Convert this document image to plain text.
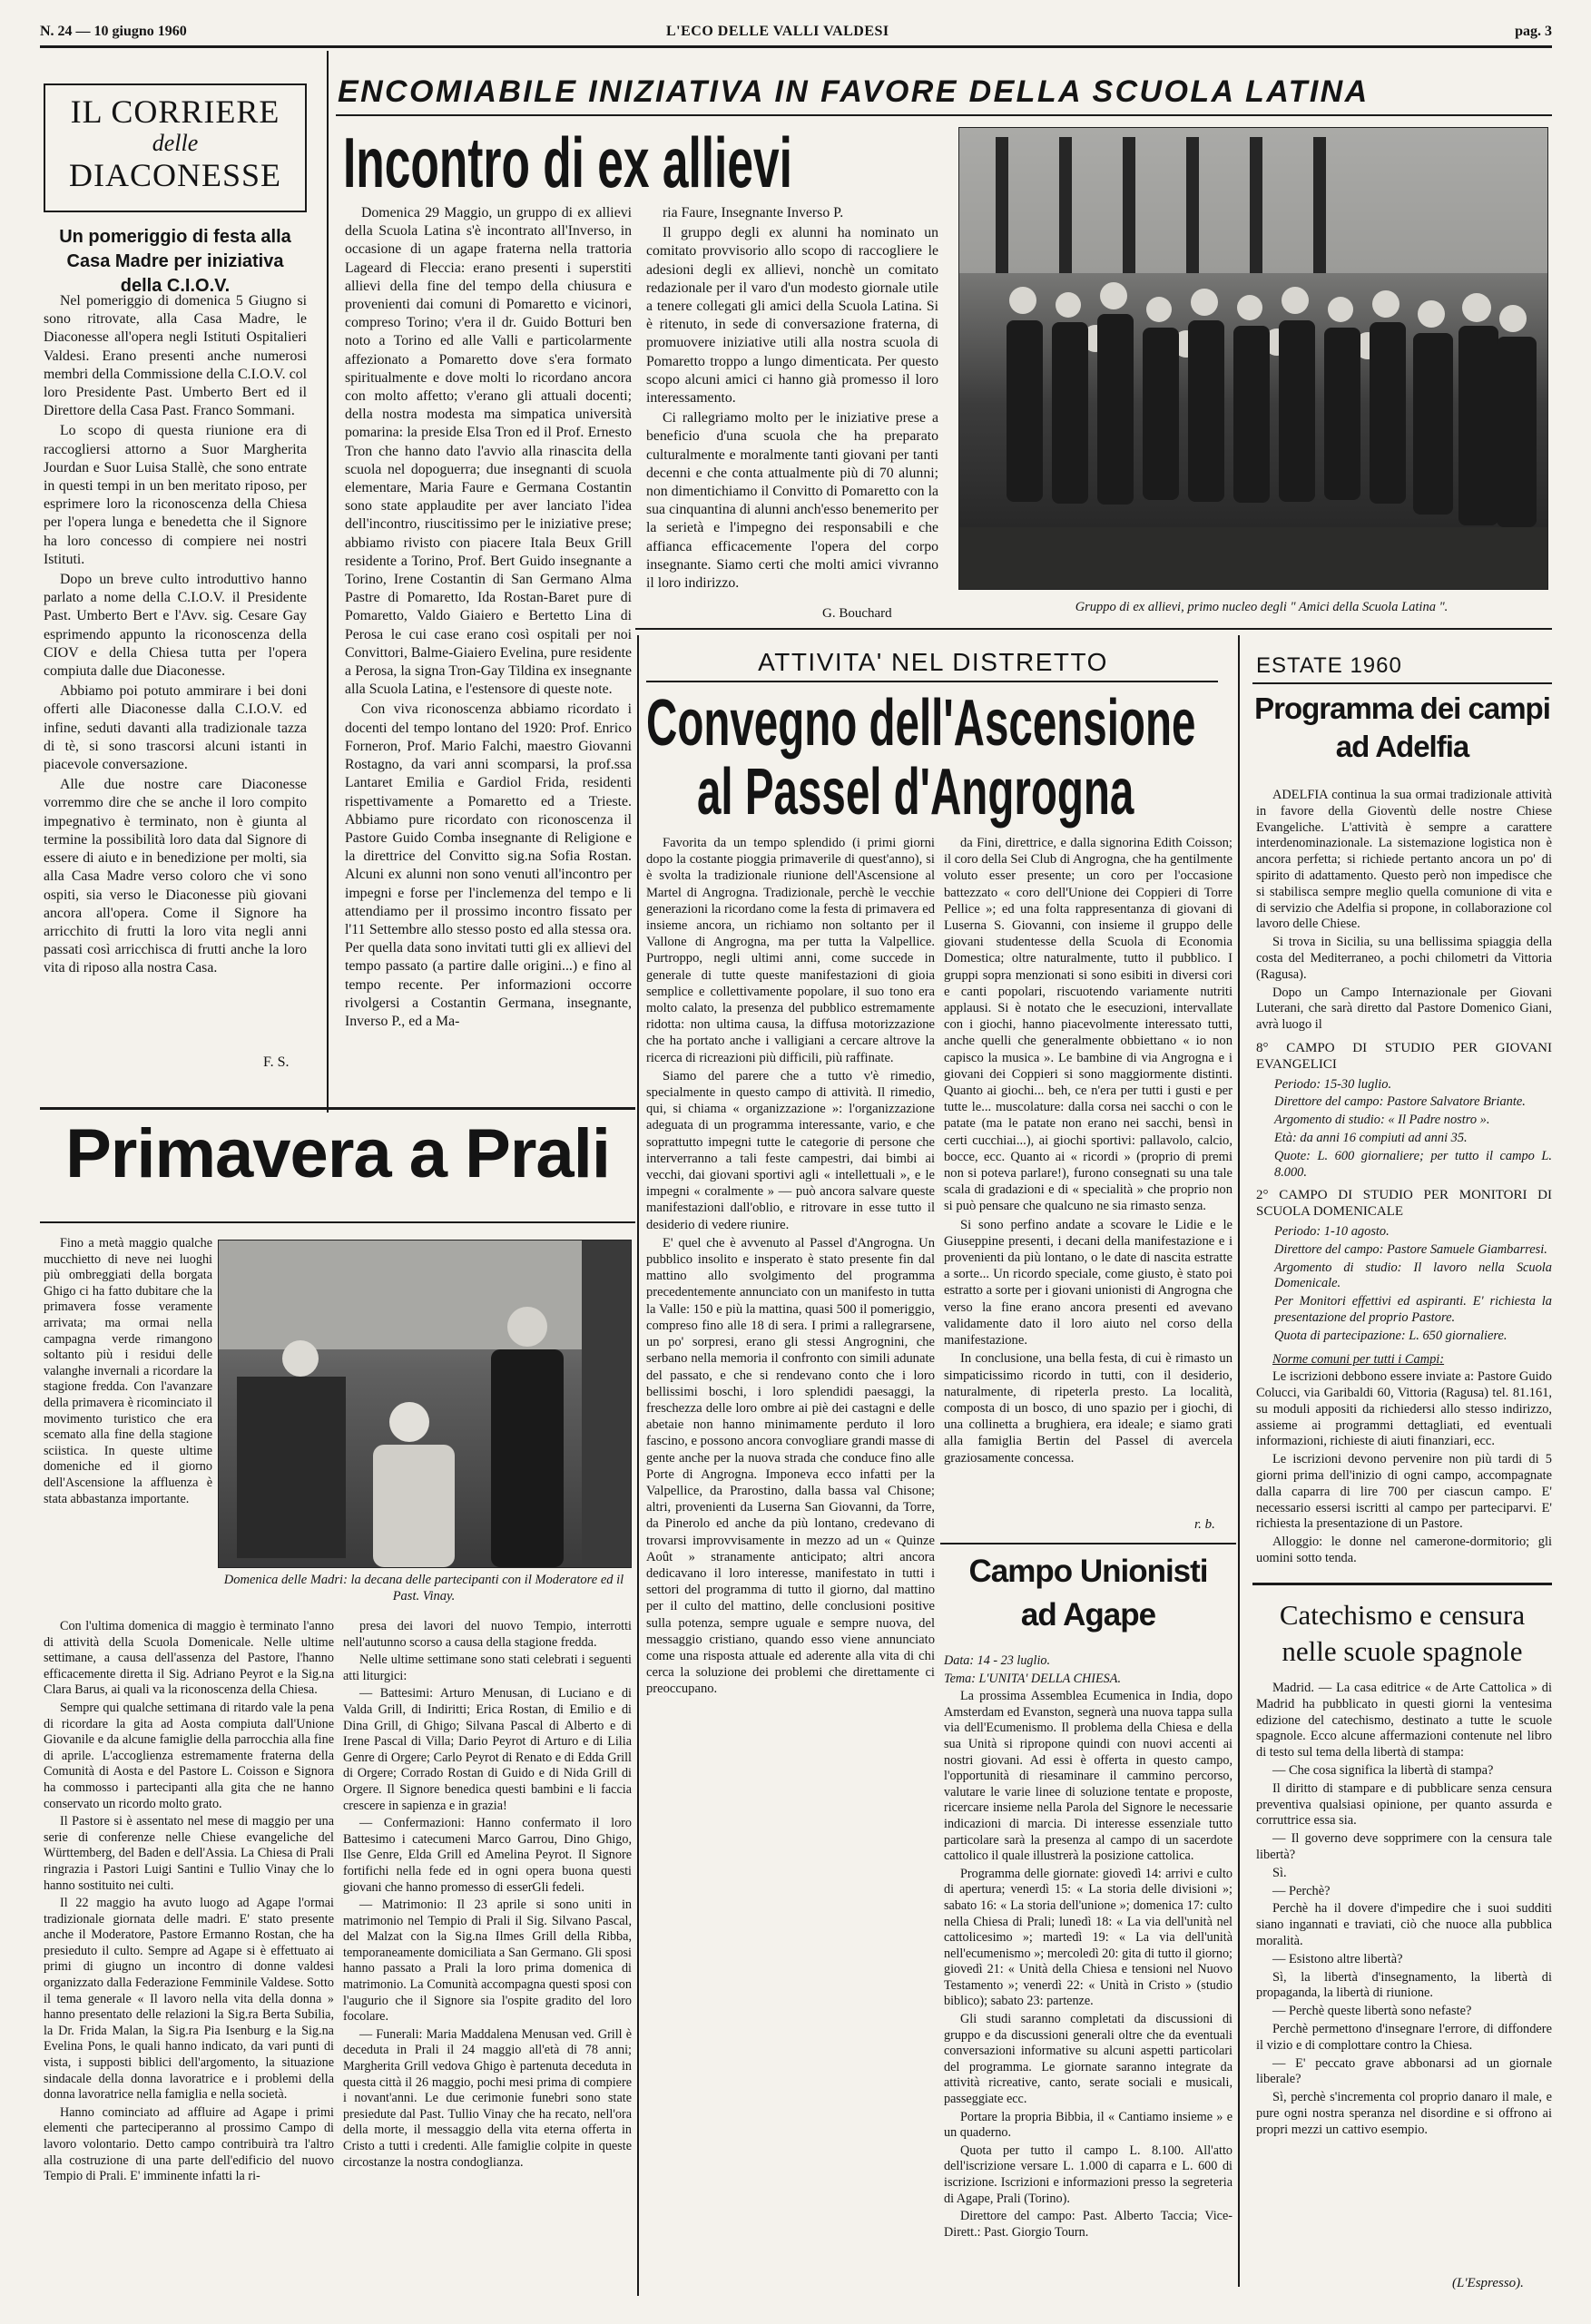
N. 24 — 10 giugno 1960	L'ECO DELLE VALLI VALDESI	pag. 3
IL CORRIERE
delle
DIACONESSE
Un pomeriggio di festa alla Casa Madre per iniziativa della C.I.O.V.

Nel pomeriggio di domenica 5 Giugno si sono ritrovate, alla Casa Madre, le Diaconesse all'opera negli Istituti Ospitalieri Valdesi. Erano presenti anche numerosi membri della Commissione della C.I.O.V. col loro Presidente Past. Umberto Bert ed il Direttore della Casa Past. Franco Sommani.

Lo scopo di questa riunione era di raccogliersi attorno a Suor Margherita Jourdan e Suor Luisa Stallè, che sono entrate in questi tempi in un ben meritato riposo, per esprimere loro la riconoscenza della Chiesa per l'opera lunga e benedetta che il Signore ha loro concesso di compiere nei nostri Istituti.

Dopo un breve culto introduttivo hanno parlato a nome della C.I.O.V. il Presidente Past. Umberto Bert e l'Avv. sig. Cesare Gay esprimendo appunto la riconoscenza della CIOV e della Chiesa tutta per l'opera compiuta dalle due Diaconesse.

Abbiamo poi potuto ammirare i bei doni offerti alle Diaconesse dalla C.I.O.V. ed infine, seduti davanti alla tradizionale tazza di tè, si sono trascorsi alcuni istanti in piacevole conversazione.

Alle due nostre care Diaconesse vorremmo dire che se anche il loro compito impegnativo è terminato, non è giunta al termine la possibilità loro data dal Signore di essere di aiuto e in benedizione per molti, sia alla Casa Madre verso coloro che vi sono ospiti, sia verso le Diaconesse più giovani ancora all'opera. Come il Signore ha arricchito di frutti la loro vita negli anni passati così arricchisca di frutti anche la loro vita di riposo alla nostra Casa.

F. S.
ENCOMIABILE INIZIATIVA IN FAVORE DELLA SCUOLA LATINA
Incontro di ex allievi

Domenica 29 Maggio, un gruppo di ex allievi della Scuola Latina s'è incontrato all'Inverso, in occasione di un agape fraterna nella trattoria Lageard di Fleccia: erano presenti i superstiti allievi della fine del tempo della chiusura e provenienti dai comuni di Pomaretto e vicinori, compreso Torino; v'era il dr. Guido Botturi ben noto a Torino ed alle Valli e particolarmente affezionato a Pomaretto dove s'era formato spiritualmente e dove molti lo ricordano ancora con molto affetto; v'erano gli attuali docenti; della nostra modesta ma simpatica università pomarina: la preside Elsa Tron ed il Prof. Ernesto Tron che hanno dato l'avvio alla rinascita della scuola nel dopoguerra; due insegnanti di scuola elementare, Maria Faure e Germana Costantin sono state applaudite per aver lanciato l'idea dell'incontro, riuscitissimo per le iniziative prese; abbiamo rivisto con piacere Itala Beux Grill residente a Torino, Prof. Bert Guido insegnante a Torino, Irene Costantin di San Germano Alma Pastre di Pomaretto, Ida Rostan-Baret pure di Pomaretto, Valdo Giaiero e Bertetto Lina di Perosa le cui case erano così ospitali per noi Convittori, Balme-Giaiero Evelina, pure residente a Perosa, la signa Tron-Gay Tildina ex insegnante alla Scuola Latina, e l'estensore di queste note.

Con viva riconoscenza abbiamo ricordato i docenti del tempo lontano del 1920: Prof. Enrico Forneron, Prof. Mario Falchi, maestro Giovanni Rostagno, da vari anni scomparsi, la prof.ssa Lantaret Emilia e Gardiol Frida, residenti rispettivamente a Pomaretto ed a Trieste. Abbiamo pure ricordato con riconoscenza il Pastore Guido Comba insegnante di Religione e la direttrice del Convitto sig.na Sofia Rostan. Alcuni ex alunni non sono venuti all'incontro per impegni e forse per l'inclemenza del tempo e li attendiamo per il prossimo incontro fissato per l'11 Settembre allo stesso posto ed alla stessa ora. Per quella data sono invitati tutti gli ex allievi del tempo passato (a partire dalle origini...) e fino al tempo recente. Per informazioni occorre rivolgersi a Costantin Germana, insegnante, Inverso P., ed a Ma-

ria Faure, Insegnante Inverso P.

Il gruppo degli ex alunni ha nominato un comitato provvisorio allo scopo di raccogliere le adesioni degli ex allievi, nonchè un comitato redazionale per il varo d'un modesto giornale utile a tenere collegati gli amici della Scuola Latina. Si è ritenuto, in sede di conversazione fraterna, di promuovere iniziative utili alla nostra scuola di Pomaretto troppo a lungo dimenticata. Per questo scopo alcuni amici ci hanno già promesso il loro interessamento.

Ci rallegriamo molto per le iniziative prese a beneficio d'una scuola che ha preparato culturalmente e moralmente tanti giovani per tanti decenni e che conta attualmente più di 70 alunni; non dimentichiamo il Convitto di Pomaretto con la sua cinquantina di alunni anch'esso benemerito per la serietà e l'impegno dei responsabili e che affianca efficacemente l'opera del corpo insegnante. Siamo certi che molti amici vivranno il loro indirizzo.

G. Bouchard	Gruppo di ex allievi, primo nucleo degli " Amici della Scuola Latina ".
ATTIVITA' NEL DISTRETTO
Convegno dell'Ascensione
al Passel d'Angrogna

Favorita da un tempo splendido (i primi giorni dopo la costante pioggia primaverile di quest'anno), si è svolta la tradizionale riunione dell'Ascensione al Martel di Angrogna. Tradizionale, perchè le vecchie generazioni la ricordano come la festa di primavera ed insieme ancora, un richiamo non soltanto per il Vallone di Angrogna, ma per tutta la Valpellice. Purtroppo, negli ultimi anni, come succede in generale di tutte queste manifestazioni di gioia semplice e collettivamente popolare, il suo tono era molto calato, la presenza del pubblico estremamente ridotta: non ultima causa, la diffusa motorizzazione che ha portato anche i valligiani a cercare altrove la ricerca di ricreazioni più difficili, più raffinate.

Siamo del parere che a tutto v'è rimedio, specialmente in questo campo di attività. Il rimedio, qui, si chiama « organizzazione »: l'organizzazione adeguata di un programma interessante, vario, e che soprattutto impegni tutte le categorie di persone che interverranno a tali feste campestri, dai bimbi ai vecchi, dai giovani sportivi agli « intellettuali », e le impegni « coralmente » — può ancora salvare queste manifestazioni dall'oblio, e ritrovare in esse tutto il desiderio di vedere riunire.

E' quel che è avvenuto al Passel d'Angrogna. Un pubblico insolito e insperato è stato presente fin dal mattino allo svolgimento del programma precedentemente annunciato con un manifesto in tutta la Valle: 150 e più la mattina, quasi 500 il pomeriggio, compreso fino alle 18 di sera. I primi a rallegrarsene, un po' sorpresi, erano gli stessi Angrognini, che serbano nella memoria il confronto con simili adunate del passato, e che si rendevano conto che i loro bellissimi boschi, i loro splendidi paesaggi, la freschezza delle loro ombre ai piè dei castagni e delle abetaie non hanno minimamente perduto il loro fascino, e possono ancora convogliare grandi masse di gente anche per la nuova strada che conduce fino alle Porte di Angrogna. Imponeva ecco infatti per la Valpellice, da Prarostino, dalla bassa val Chisone; altri, provenienti da Luserna San Giovanni, da Torre, da Pinerolo ed anche da più lontano, credevano di trovarsi improvvisamente in mezzo ad un « Quinze Août » stranamente anticipato; altri ancora dedicavano il loro interesse, manifestato in tutti i settori del programma di tutto il giorno, dal mattino per il culto del mattino, delle conclusioni positive sulla potenza, sempre uguale e sempre nuova, del messaggio cristiano, quando esso viene annunciato come una risposta attuale ed aderente alla vita di chi cerca la soluzione dei problemi che direttamente ci preoccupano.

da Fini, direttrice, e dalla signorina Edith Coisson; il coro della Sei Club di Angrogna, che ha gentilmente voluto esser presente; un coro per l'occasione battezzato « coro dell'Unione dei Coppieri di Torre Pellice »; ed una folta rappresentanza di giovani di Luserna S. Giovanni, con insieme il gruppo delle giovani studentesse della Scuola di Economia Domestica; oltre naturalmente, tutto il pubblico. I gruppi sopra menzionati si sono esibiti in diversi cori e canti popolari, riscuotendo variamente nutriti applausi. Si è notato che le esecuzioni, intervallate con i giochi, hanno piacevolmente interessato tutti, anche quelli che generalmente obbiettano « io non capisco la musica ». Le bambine di via Angrogna e i giovani dei Coppieri si sono maggiormente distinti. Quanto ai giochi... beh, ce n'era per tutti i gusti e per tutte le... muscolature: dalla corsa nei sacchi o con le patate (ma le patate non erano nei sacchi, bensì in certi cucchiai...), ai giochi sportivi: pallavolo, calcio, bocce, ecc. Quanto ai « ricordi » (proprio di premi non si poteva parlare!), furono consegnati su una tale scala di gradazioni e di « specialità » che proprio non si può pensare che qualcuno ne sia rimasto senza.

Si sono perfino andate a scovare le Lidie e le Giuseppine presenti, i decani della manifestazione e i provenienti da più lontano, o le date di nascita estratte a sorte... Un ricordo speciale, come giusto, è stato poi estratto a sorte per i giovani unionisti di Angrogna che verso la fine erano ancora presenti ed avevano validamente dato il loro aiuto nel corso della manifestazione.

In conclusione, una bella festa, di cui è rimasto un simpaticissimo ricordo in tutti, con il desiderio, naturalmente, di ripeterla presto. La località, composta di un bosco, di uno spazio per i giochi, di una collinetta a brughiera, era ideale; e siamo grati alla famiglia Bertin del Passel di avercela graziosamente concessa.

r. b.
ESTATE 1960
Programma dei campi ad Adelfia

ADELFIA continua la sua ormai tradizionale attività in favore della Gioventù delle nostre Chiese Evangeliche. L'attività è sempre a carattere interdenominazionale. La sistemazione logistica non è ancora perfetta; si richiede pertanto ancora un po' di spirito di adattamento. Questo però non impedisce che si stabilisca sempre meglio quella comunione di vita e di servizio che Adelfia si propone, in collaborazione col lavoro delle Chiese.

Si trova in Sicilia, su una bellissima spiaggia della costa del Mediterraneo, a pochi chilometri da Vittoria (Ragusa).

Dopo un Campo Internazionale per Giovani Luterani, che sarà diretto dal Pastore Domenico Giani, avrà luogo il

8° CAMPO DI STUDIO PER GIOVANI EVANGELICI

Periodo: 15-30 luglio.

Direttore del campo: Pastore Salvatore Briante.

Argomento di studio: « Il Padre nostro ».

Età: da anni 16 compiuti ad anni 35.

Quote: L. 600 giornaliere; per tutto il campo L. 8.000.

2° CAMPO DI STUDIO PER MONITORI DI SCUOLA DOMENICALE

Periodo: 1-10 agosto.

Direttore del campo: Pastore Samuele Giambarresi.

Argomento di studio: Il lavoro nella Scuola Domenicale.

Per Monitori effettivi ed aspiranti. E' richiesta la presentazione del proprio Pastore.

Quota di partecipazione: L. 650 giornaliere.

Norme comuni per tutti i Campi:

Le iscrizioni debbono essere inviate a: Pastore Guido Colucci, via Garibaldi 60, Vittoria (Ragusa) tel. 81.161, su moduli appositi da richiedersi allo stesso indirizzo, assieme ai programmi dettagliati, ed eventuali informazioni, richieste di aiuti finanziari, ecc.

Le iscrizioni devono pervenire non più tardi di 5 giorni prima dell'inizio di ogni campo, accompagnate dalla caparra di lire 700 per ciascun campo. E' necessario essersi iscritti al campo per parteciparvi. E' richiesta la presentazione di un Pastore.

Alloggio: le donne nel camerone-dormitorio; gli uomini sotto tenda.

Catechismo e censura
nelle scuole spagnole

Madrid. — La casa editrice « de Arte Cattolica » di Madrid ha pubblicato in questi giorni la ventesima edizione del catechismo, destinato a tutte le scuole spagnole. Ecco alcune affermazioni contenute nel libro di testo sul tema della libertà di stampa:

— Che cosa significa la libertà di stampa?

Il diritto di stampare e di pubblicare senza censura preventiva qualsiasi opinione, per quanto assurda e corruttrice essa sia.

— Il governo deve sopprimere con la censura tale libertà?

Sì.

— Perchè?

Perchè ha il dovere d'impedire che i suoi sudditi siano ingannati e traviati, ciò che nuoce alla pubblica moralità.

— Esistono altre libertà?

Sì, la libertà d'insegnamento, la libertà di propaganda, la libertà di riunione.

— Perchè queste libertà sono nefaste?

Perchè permettono d'insegnare l'errore, di diffondere il vizio e di complottare contro la Chiesa.

— E' peccato grave abbonarsi ad un giornale liberale?

Sì, perchè s'incrementa col proprio danaro il male, e pure ogni nostra speranza nel disordine e si offrono ai propri mezzi un cattivo esempio.

(L'Espresso).
Primavera a Prali

Fino a metà maggio qualche mucchietto di neve nei luoghi più ombreggiati della borgata Ghigo ci ha fatto dubitare che la primavera fosse veramente arrivata; ma ormai nella campagna verde rimangono soltanto più i residui delle valanghe invernali a ricordare la stagione fredda. Con l'avanzare della primavera è ricominciato il movimento turistico che era scemato alla fine della stagione sciistica. In queste ultime domeniche ed il giorno dell'Ascensione la affluenza è stata abbastanza importante.

Con l'ultima domenica di maggio è terminato l'anno di attività della Scuola Domenicale. Nelle ultime settimane, a causa dell'assenza del Pastore, l'hanno efficacemente diretta il Sig. Adriano Peyrot e la Sig.na Clara Barus, ai quali va la riconoscenza della Chiesa.

Sempre qui qualche settimana di ritardo vale la pena di ricordare la gita ad Aosta compiuta dall'Unione Giovanile e da alcune famiglie della parrocchia alla fine di aprile. L'accoglienza estremamente fraterna della Comunità di Aosta e del Pastore L. Coisson e Signora ha commosso i partecipanti alla gita che ne hanno conservato un ricordo molto grato.

Il Pastore si è assentato nel mese di maggio per una serie di conferenze nelle Chiese evangeliche del Württemberg, del Baden e dell'Assia. La Chiesa di Prali ringrazia i Pastori Luigi Santini e Tullio Vinay che lo hanno sostituito nei culti.

Il 22 maggio ha avuto luogo ad Agape l'ormai tradizionale giornata delle madri. E' stato presente anche il Moderatore, Pastore Ermanno Rostan, che ha presieduto il culto. Sempre ad Agape si è effettuato ai primi di giugno un incontro di donne valdesi organizzato dalla Federazione Femminile Valdese. Sotto il tema generale « Il lavoro nella vita della donna » hanno presentato delle relazioni la Sig.ra Berta Subilia, la Dr. Frida Malan, la Sig.ra Pia Isenburg e la Sig.na Evelina Pons, le quali hanno indicato, da vari punti di vista, i supposti biblici dell'argomento, la situazione sindacale della donna lavoratrice e i problemi della donna lavoratrice nella famiglia e nella società.

Hanno cominciato ad affluire ad Agape i primi elementi che parteciperanno al prossimo Campo di lavoro volontario. Detto campo contribuirà tra l'altro alla costruzione di una parte dell'edificio del nuovo Tempio di Prali. E' imminente infatti la ri-

Domenica delle Madri: la decana delle partecipanti con il Moderatore ed il Past. Vinay.

presa dei lavori del nuovo Tempio, interrotti nell'autunno scorso a causa della stagione fredda.

Nelle ultime settimane sono stati celebrati i seguenti atti liturgici:

— Battesimi: Arturo Menusan, di Luciano e di Valda Grill, di Indiritti; Erica Rostan, di Emilio e di Dina Grill, di Ghigo; Silvana Pascal di Alberto e di Irene Pascal di Villa; Dario Peyrot di Arturo e di Lilia Genre di Orgere; Carlo Peyrot di Renato e di Edda Grill di Orgere; Corrado Rostan di Guido e di Nida Grill di Orgere. Il Signore benedica questi bambini e li faccia crescere in sapienza e in grazia!

— Confermazioni: Hanno confermato il loro Battesimo i catecumeni Marco Garrou, Dino Ghigo, Ilse Genre, Elda Grill ed Amelina Peyrot. Il Signore fortifichi nella fede ed in ogni opera buona questi giovani che hanno promesso di esserGli fedeli.

— Matrimonio: Il 23 aprile si sono uniti in matrimonio nel Tempio di Prali il Sig. Silvano Pascal, del Malzat con la Sig.na Ilmes Grill della Ribba, temporaneamente domiciliata a San Germano. Gli sposi hanno passato a Prali la loro prima domenica di matrimonio. La Comunità accompagna questi sposi con l'augurio che il Signore sia l'ospite gradito del loro focolare.

— Funerali: Maria Maddalena Menusan ved. Grill è deceduta in Prali il 24 maggio all'età di 78 anni; Margherita Grill vedova Ghigo è partenuta deceduta in questa città il 26 maggio, pochi mesi prima di compiere i novant'anni. Le due cerimonie funebri sono state presiedute dal Past. Tullio Vinay che ha recato, nell'ora della morte, il messaggio della vita eterna offerta in Cristo a tutti i credenti. Alle famiglie colpite in queste circostanze la nostra condoglianza.

Campo Unionisti
ad Agape

Data: 14 - 23 luglio.

Tema: L'UNITA' DELLA CHIESA.

La prossima Assemblea Ecumenica in India, dopo Amsterdam ed Evanston, segnerà una nuova tappa sulla via dell'Ecumenismo. Il problema della Chiesa e della sua Unità si ripropone quindi con nuovi accenti ai nostri giovani. Ad essi è offerta in questo campo, l'opportunità di riesaminare il cammino percorso, valutare le varie linee di soluzione tentate e proposte, ricercare insieme nella Parola del Signore le necessarie indicazioni di marcia. Di interesse essenziale tutto particolare sarà la presenza al campo di un sacerdote cattolico il quale illustrerà la posizione cattolica.

Programma delle giornate: giovedì 14: arrivi e culto di apertura; venerdì 15: « La storia delle divisioni »; sabato 16: « La storia dell'unione »; domenica 17: culto nella Chiesa di Prali; lunedì 18: « La via dell'unità nel cattolicesimo »; martedì 19: « La via dell'unità nell'ecumenismo »; mercoledì 20: gita di tutto il giorno; giovedì 21: « Unità della Chiesa e tensioni nel Nuovo Testamento »; venerdì 22: « Unità in Cristo » (studio biblico); sabato 23: partenze.

Gli studi saranno completati da discussioni di gruppo e da discussioni generali oltre che da eventuali conversazioni informative su alcuni aspetti particolari del programma. Le giornate saranno integrate da attività ricreative, canto, serate sociali e musicali, passeggiate ecc.

Portare la propria Bibbia, il « Cantiamo insieme » e un quaderno.

Quota per tutto il campo L. 8.100. All'atto dell'iscrizione versare L. 1.000 di caparra e L. 600 di iscrizione. Iscrizioni e informazioni presso la segreteria di Agape, Prali (Torino).

Direttore del campo: Past. Alberto Taccia; Vice-Dirett.: Past. Giorgio Tourn.
